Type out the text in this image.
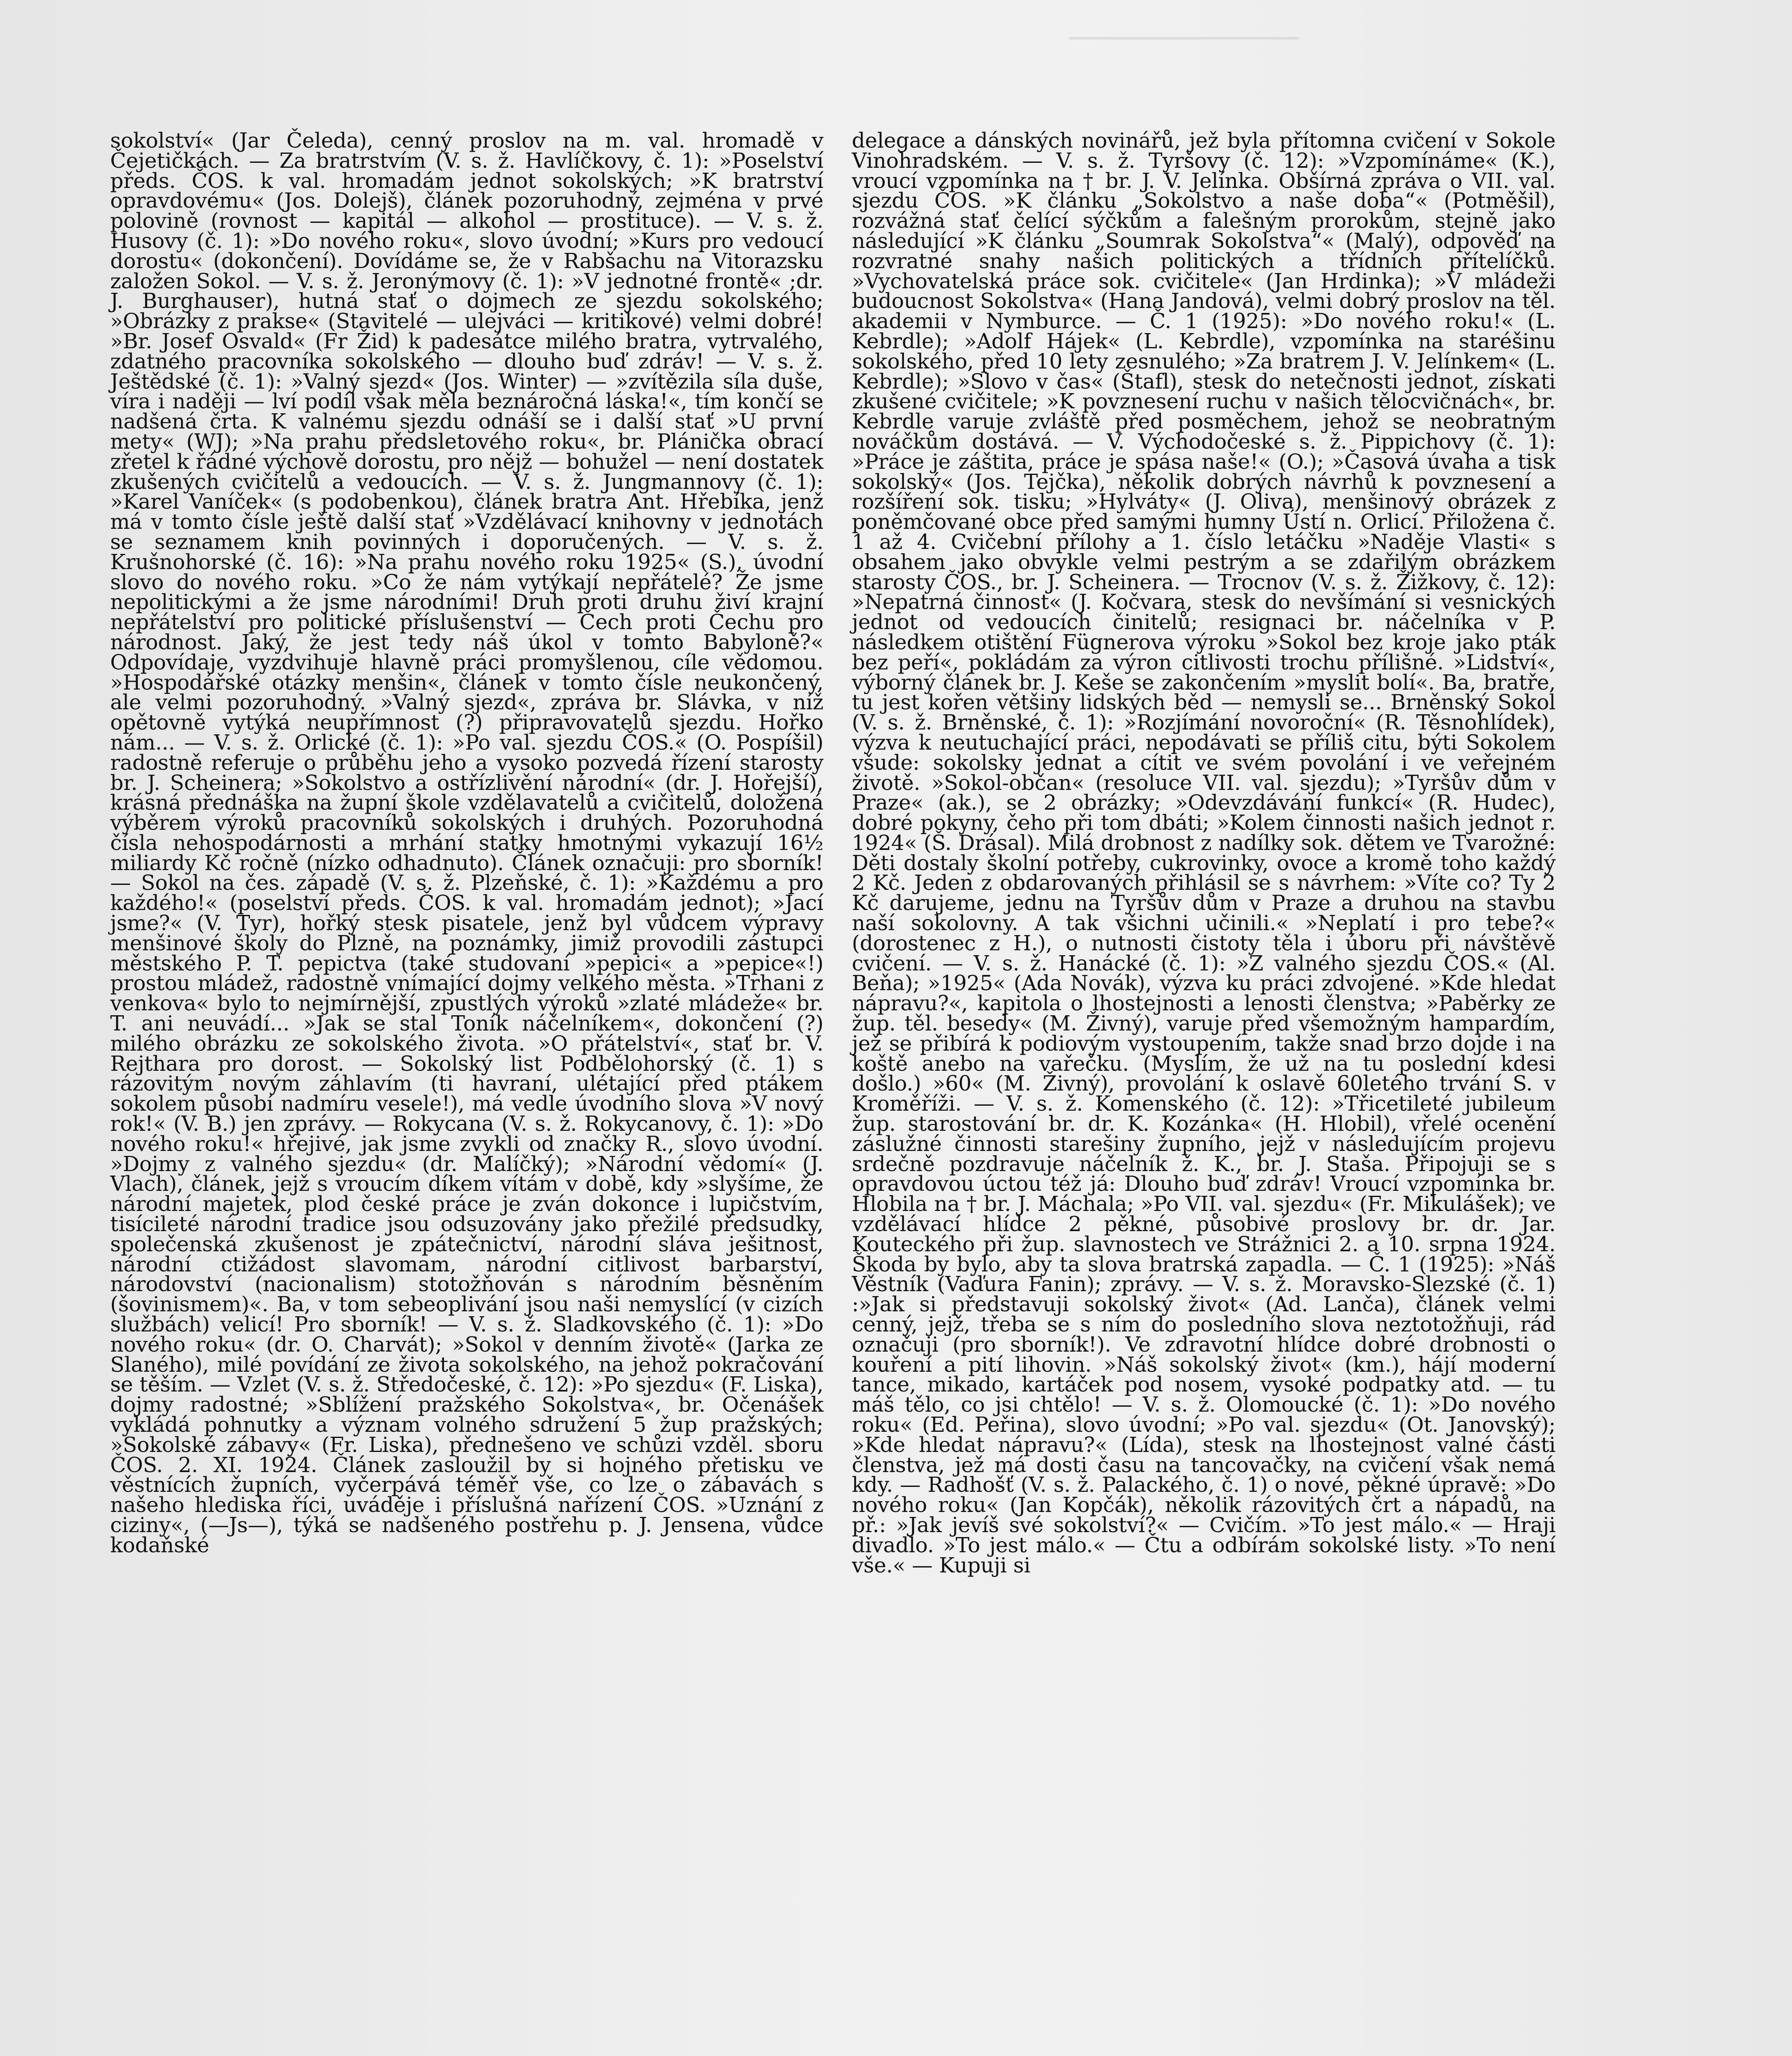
sokolství« (Jar Čeleda), cenný proslov na m. val. hromadě v Čejetičkách. — Za bratrstvím (V. s. ž. Havlíčkovy, č. 1): »Poselství předs. ČOS. k val. hromadám jednot sokolských; »K bratrství opravdovému« (Jos. Dolejš), článek pozoruhodný, zejména v prvé polovině (rovnost — kapitál — alkohol — prostituce). — V. s. ž. Husovy (č. 1): »Do nového roku«, slovo úvodní; »Kurs pro vedoucí dorostu« (dokončení). Dovídáme se, že v Rabšachu na Vitorazsku založen Sokol. — V. s. ž. Jeronýmovy (č. 1): »V jednotné frontě« ;dr. J. Burghauser), hutná stať o dojmech ze sjezdu sokolského; »Obrázky z prakse« (Stavitelé — ulejváci — kritikové) velmi dobré! »Br. Josef Osvald« (Fr Žid) k padesátce milého bratra, vytrvalého, zdatného pracovníka sokolského — dlouho buď zdráv! — V. s. ž. Ještědské (č. 1): »Valný sjezd« (Jos. Winter) — »zvítězila síla duše, víra i naději — lví podíl však měla beznáročná láska!«, tím končí se nadšená črta. K valnému sjezdu odnáší se i další stať »U první mety« (WJ); »Na prahu předsletového roku«, br. Plánička obrací zřetel k řádné výchově dorostu, pro nějž — bohužel — není dostatek zkušených cvičitelů a vedoucích. — V. s. ž. Jungmannovy (č. 1): »Karel Vaníček« (s podobenkou), článek bratra Ant. Hřebíka, jenž má v tomto čísle ještě další stať »Vzdělávací knihovny v jednotách se seznamem knih povinných i doporučených. — V. s. ž. Krušnohorské (č. 16): »Na prahu nového roku 1925« (S.), úvodní slovo do nového roku. »Co že nám vytýkají nepřátelé? Že jsme nepolitickými a že jsme národními! Druh proti druhu živí krajní nepřátelství pro politické příslušenství — Čech proti Čechu pro národnost. Jaký, že jest tedy náš úkol v tomto Babyloně?« Odpovídaje, vyzdvihuje hlavně práci promyšlenou, cíle vědomou. »Hospodářské otázky menšin«, článek v tomto čísle neukončený, ale velmi pozoruhodný. »Valný sjezd«, zpráva br. Slávka, v níž opětovně vytýká neupřímnost (?) připravovatelů sjezdu. Hořko nám... — V. s. ž. Orlické (č. 1): »Po val. sjezdu ČOS.« (O. Pospíšil) radostně referuje o průběhu jeho a vysoko pozvedá řízení starosty br. J. Scheinera; »Sokolstvo a ostřízlivění národní« (dr. J. Hořejší), krásná přednáška na župní škole vzdělavatelů a cvičitelů, doložená výběrem výroků pracovníků sokolských i druhých. Pozoruhodná čísla nehospodárnosti a mrhání statky hmotnými vykazují 16½ miliardy Kč ročně (nízko odhadnuto). Článek označuji: pro sborník! — Sokol na čes. západě (V. s. ž. Plzeňské, č. 1): »Každému a pro každého!« (poselství předs. ČOS. k val. hromadám jednot); »Jací jsme?« (V. Tyr), hořký stesk pisatele, jenž byl vůdcem výpravy menšinové školy do Plzně, na poznámky, jimiž provodili zástupci městského P. T. pepictva (také studovaní »pepici« a »pepice«!) prostou mládež, radostně vnímající dojmy velkého města. »Trhani z venkova« bylo to nejmírnější, zpustlých výroků »zlaté mládeže« br. T. ani neuvádí... »Jak se stal Toník náčelníkem«, dokončení (?) milého obrázku ze sokolského života. »O přátelství«, stať br. V. Rejthara pro dorost. — Sokolský list Podbělohorský (č. 1) s rázovitým novým záhlavím (ti havraní, ulétající před ptákem sokolem působí nadmíru vesele!), má vedle úvodního slova »V nový rok!« (V. B.) jen zprávy. — Rokycana (V. s. ž. Rokycanovy, č. 1): »Do nového roku!« hřejivé, jak jsme zvykli od značky R., slovo úvodní. »Dojmy z valného sjezdu« (dr. Malíčký); »Národní vědomí« (J. Vlach), článek, jejž s vroucím díkem vítám v době, kdy »slyšíme, že národní majetek, plod české práce je zván dokonce i lupičstvím, tisícileté národní tradice jsou odsuzovány jako přežilé předsudky, společenská zkušenost je zpátečnictví, národní sláva ješitnost, národní ctižádost slavomam, národní citlivost barbarství, národovství (nacionalism) stotožňován s národním běsněním (šovinismem)«. Ba, v tom sebeoplivání jsou naši nemyslící (v cizích službách) velicí! Pro sborník! — V. s. ž. Sladkovského (č. 1): »Do nového roku« (dr. O. Charvát); »Sokol v denním životě« (Jarka ze Slaného), milé povídání ze života sokolského, na jehož pokračování se těším. — Vzlet (V. s. ž. Středočeské, č. 12): »Po sjezdu« (F. Liska), dojmy radostné; »Sblížení pražského Sokolstva«, br. Očenášek vykládá pohnutky a význam volného sdružení 5 žup pražských; »Sokolské zábavy« (Fr. Liska), přednešeno ve schůzi vzděl. sboru ČOS. 2. XI. 1924. Článek zasloužil by si hojného přetisku ve věstnících župních, vyčerpává téměř vše, co lze o zábavách s našeho hlediska říci, uváděje i příslušná nařízení ČOS. »Uznání z ciziny«, (—Js—), týká se nadšeného postřehu p. J. Jensena, vůdce kodaňské

delegace a dánských novinářů, jež byla přítomna cvičení v Sokole Vinohradském. — V. s. ž. Tyršovy (č. 12): »Vzpomínáme« (K.), vroucí vzpomínka na † br. J. V. Jelínka. Obšírná zpráva o VII. val. sjezdu ČOS. »K článku „Sokolstvo a naše doba“« (Potměšil), rozvážná stať čelící sýčkům a falešným prorokům, stejně jako následující »K článku „Soumrak Sokolstva“« (Malý), odpověď na rozvratné snahy našich politických a třídních přítelíčků. »Vychovatelská práce sok. cvičitele« (Jan Hrdinka); »V mládeži budoucnost Sokolstva« (Hana Jandová), velmi dobrý proslov na těl. akademii v Nymburce. — Č. 1 (1925): »Do nového roku!« (L. Kebrdle); »Adolf Hájek« (L. Kebrdle), vzpomínka na staréšinu sokolského, před 10 lety zesnulého; »Za bratrem J. V. Jelínkem« (L. Kebrdle); »Slovo v čas« (Štafl), stesk do netečnosti jednot, získati zkušené cvičitele; »K povznesení ruchu v našich tělocvičnách«, br. Kebrdle varuje zvláště před posměchem, jehož se neobratným nováčkům dostává. — V. Východočeské s. ž. Pippichovy (č. 1): »Práce je záštita, práce je spása naše!« (O.); »Časová úvaha a tisk sokolský« (Jos. Tejčka), několik dobrých návrhů k povznesení a rozšíření sok. tisku; »Hylváty« (J. Oliva), menšinový obrázek z poněmčované obce před samými humny Ústí n. Orlicí. Přiložena č. 1 až 4. Cvičební přílohy a 1. číslo letáčku »Naděje Vlasti« s obsahem jako obvykle velmi pestrým a se zdařilým obrázkem starosty ČOS., br. J. Scheinera. — Trocnov (V. s. ž. Žižkovy, č. 12): »Nepatrná činnost« (J. Kočvara, stesk do nevšímání si vesnických jednot od vedoucích činitelů; resignaci br. náčelníka v P. následkem otištění Fügnerova výroku »Sokol bez kroje jako pták bez peří«, pokládám za výron citlivosti trochu přílišné. »Lidství«, výborný článek br. J. Keše se zakončením »myslit bolí«. Ba, bratře, tu jest kořen většiny lidských běd — nemysli se... Brněnský Sokol (V. s. ž. Brněnské, č. 1): »Rozjímání novoroční« (R. Těsnohlídek), výzva k neutuchající práci, nepodávati se příliš citu, býti Sokolem všude: sokolsky jednat a cítit ve svém povolání i ve veřejném životě. »Sokol-občan« (resoluce VII. val. sjezdu); »Tyršův dům v Praze« (ak.), se 2 obrázky; »Odevzdávání funkcí« (R. Hudec), dobré pokyny, čeho při tom dbáti; »Kolem činnosti našich jednot r. 1924« (Š. Drásal). Milá drobnost z nadílky sok. dětem ve Tvarožné: Děti dostaly školní potřeby, cukrovinky, ovoce a kromě toho každý 2 Kč. Jeden z obdarovaných přihlásil se s návrhem: »Víte co? Ty 2 Kč darujeme, jednu na Tyršův dům v Praze a druhou na stavbu naší sokolovny. A tak všichni učinili.« »Neplatí i pro tebe?« (dorostenec z H.), o nutnosti čistoty těla i úboru při návštěvě cvičení. — V. s. ž. Hanácké (č. 1): »Z valného sjezdu ČOS.« (Al. Beňa); »1925« (Ada Novák), výzva ku práci zdvojené. »Kde hledat nápravu?«, kapitola o lhostejnosti a lenosti členstva; »Paběrky ze žup. těl. besedy« (M. Živný), varuje před všemožným hampardím, jež se přibírá k podiovým vystoupením, takže snad brzo dojde i na koště anebo na vařečku. (Myslím, že už na tu poslední kdesi došlo.) »60« (M. Živný), provolání k oslavě 60letého trvání S. v Kroměříži. — V. s. ž. Komenského (č. 12): »Třicetileté jubileum žup. starostování br. dr. K. Kozánka« (H. Hlobil), vřelé ocenění záslužné činnosti starešiny župního, jejž v následujícím projevu srdečně pozdravuje náčelník ž. K., br. J. Staša. Připojuji se s opravdovou úctou též já: Dlouho buď zdráv! Vroucí vzpomínka br. Hlobila na † br. J. Máchala; »Po VII. val. sjezdu« (Fr. Mikulášek); ve vzdělávací hlídce 2 pěkné, působivé proslovy br. dr. Jar. Kouteckého při žup. slavnostech ve Strážnici 2. a 10. srpna 1924. Škoda by bylo, aby ta slova bratrská zapadla. — Č. 1 (1925): »Náš Věstník (Vaďura Fanin); zprávy. — V. s. ž. Moravsko-Slezské (č. 1) :»Jak si představuji sokolský život« (Ad. Lanča), článek velmi cenný, jejž, třeba se s ním do posledního slova neztotožňuji, rád označuji (pro sborník!). Ve zdravotní hlídce dobré drobnosti o kouření a pití lihovin. »Náš sokolský život« (km.), hájí moderní tance, mikado, kartáček pod nosem, vysoké podpatky atd. — tu máš tělo, co jsi chtělo! — V. s. ž. Olomoucké (č. 1): »Do nového roku« (Ed. Peřina), slovo úvodní; »Po val. sjezdu« (Ot. Janovský); »Kde hledat nápravu?« (Lída), stesk na lhostejnost valné části členstva, jež má dosti času na tancovačky, na cvičení však nemá kdy. — Radhošť (V. s. ž. Palackého, č. 1) o nové, pěkné úpravě: »Do nového roku« (Jan Kopčák), několik rázovitých črt a nápadů, na př.: »Jak jevíš své sokolství?« — Cvičím. »To jest málo.« — Hraji divadlo. »To jest málo.« — Čtu a odbírám sokolské listy. »To není vše.« — Kupuji si
